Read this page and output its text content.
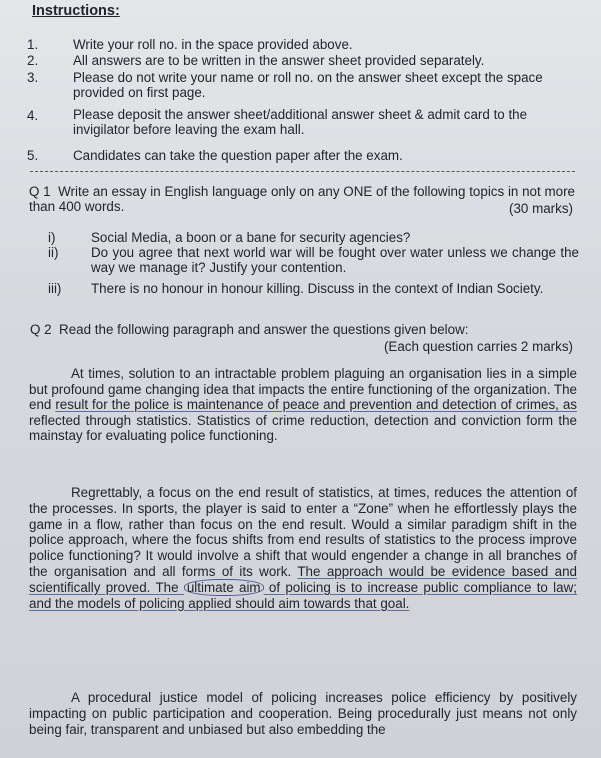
Instructions:
1.	Write your roll no. in the space provided above.
2.	All answers are to be written in the answer sheet provided separately.
3.	Please do not write your name or roll no. on the answer sheet except the space provided on first page.
4.	Please deposit the answer sheet/additional answer sheet & admit card to the invigilator before leaving the exam hall.
5.	Candidates can take the question paper after the exam.
Q 1 Write an essay in English language only on any ONE of the following topics in not more than 400 words.	(30 marks)
i)	Social Media, a boon or a bane for security agencies?
ii)	Do you agree that next world war will be fought over water unless we change the way we manage it? Justify your contention.
iii)	There is no honour in honour killing. Discuss in the context of Indian Society.
Q 2 Read the following paragraph and answer the questions given below:
(Each question carries 2 marks)
At times, solution to an intractable problem plaguing an organisation lies in a simple but profound game changing idea that impacts the entire functioning of the organization. The end result for the police is maintenance of peace and prevention and detection of crimes, as reflected through statistics. Statistics of crime reduction, detection and conviction form the mainstay for evaluating police functioning.
Regrettably, a focus on the end result of statistics, at times, reduces the attention of the processes. In sports, the player is said to enter a “Zone” when he effortlessly plays the game in a flow, rather than focus on the end result. Would a similar paradigm shift in the police approach, where the focus shifts from end results of statistics to the process improve police functioning? It would involve a shift that would engender a change in all branches of the organisation and all forms of its work. The approach would be evidence based and scientifically proved. The ultimate aim of policing is to increase public compliance to law; and the models of policing applied should aim towards that goal.
A procedural justice model of policing increases police efficiency by positively impacting on public participation and cooperation. Being procedurally just means not only being fair, transparent and unbiased but also embedding the
